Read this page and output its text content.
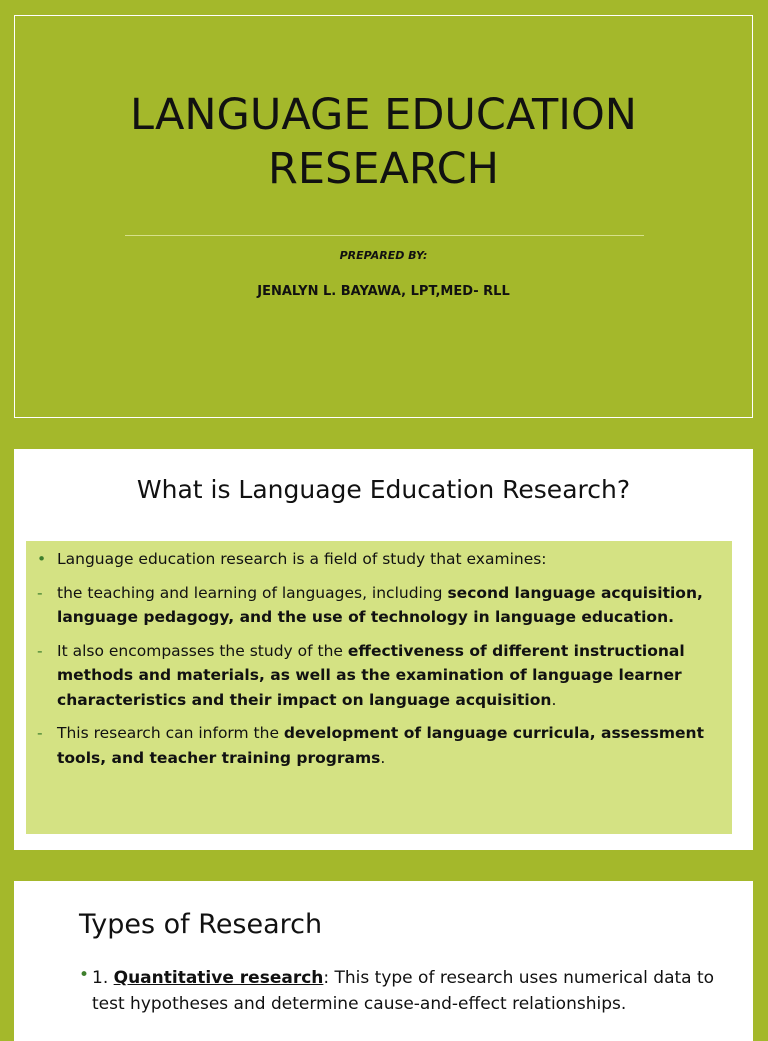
LANGUAGE EDUCATION
RESEARCH
PREPARED BY:
JENALYN L. BAYAWA, LPT,MED- RLL
What is Language Education Research?

• Language education research is a field of study that examines:

- the teaching and learning of languages, including second language acquisition, language pedagogy, and the use of technology in language education.

- It also encompasses the study of the effectiveness of different instructional methods and materials, as well as the examination of language learner characteristics and their impact on language acquisition.

- This research can inform the development of language curricula, assessment tools, and teacher training programs.

Types of Research
• 1. Quantitative research: This type of research uses numerical data to test hypotheses and determine cause-and-effect relationships.
